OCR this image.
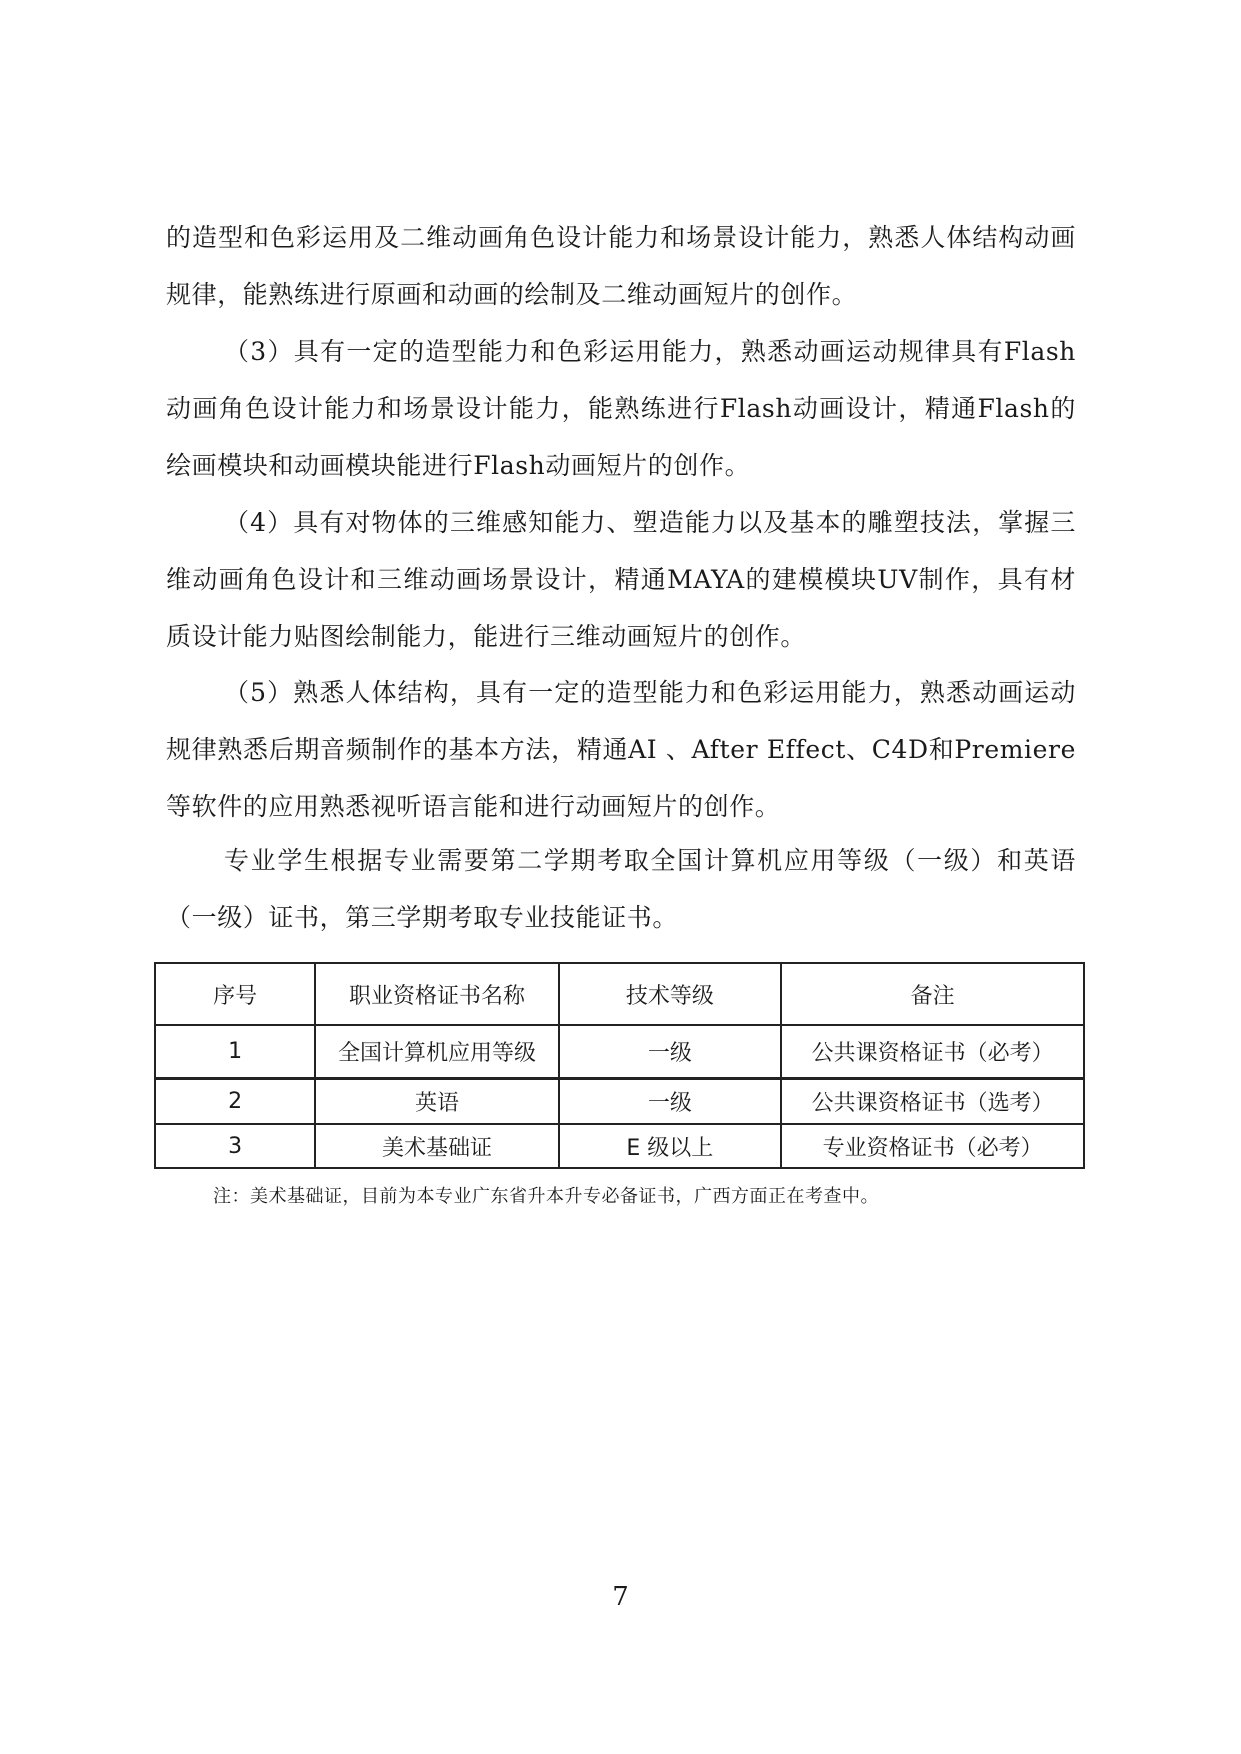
的造型和色彩运用及二维动画角色设计能力和场景设计能力，熟悉人体结构动画规律，能熟练进行原画和动画的绘制及二维动画短片的创作。

（3）具有一定的造型能力和色彩运用能力，熟悉动画运动规律具有Flash动画角色设计能力和场景设计能力，能熟练进行Flash动画设计，精通Flash的绘画模块和动画模块能进行Flash动画短片的创作。

（4）具有对物体的三维感知能力、塑造能力以及基本的雕塑技法，掌握三维动画角色设计和三维动画场景设计，精通MAYA的建模模块UV制作，具有材质设计能力贴图绘制能力，能进行三维动画短片的创作。

（5）熟悉人体结构，具有一定的造型能力和色彩运用能力，熟悉动画运动规律熟悉后期音频制作的基本方法，精通AI 、After Effect、C4D和Premiere等软件的应用熟悉视听语言能和进行动画短片的创作。

专业学生根据专业需要第二学期考取全国计算机应用等级（一级）和英语（一级）证书，第三学期考取专业技能证书。

序号	职业资格证书名称	技术等级	备注
1	全国计算机应用等级	一级	公共课资格证书（必考）
2	英语	一级	公共课资格证书（选考）
3	美术基础证	E 级以上	专业资格证书（必考）
注：美术基础证，目前为本专业广东省升本升专必备证书，广西方面正在考查中。
7
